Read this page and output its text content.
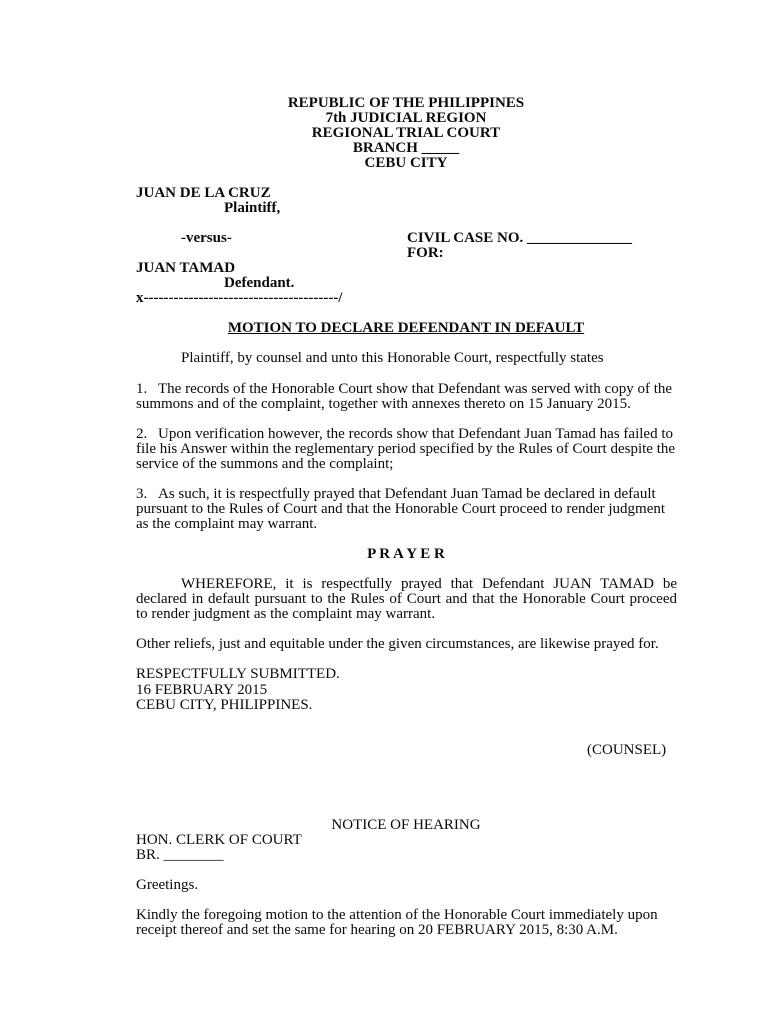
REPUBLIC OF THE PHILIPPINES
7th JUDICIAL REGION
REGIONAL TRIAL COURT
BRANCH _____
CEBU CITY
JUAN DE LA CRUZ
Plaintiff,
-versus-	CIVIL CASE NO. ______________
FOR:
JUAN TAMAD
Defendant.
x---------------------------------------/
MOTION TO DECLARE DEFENDANT IN DEFAULT
Plaintiff, by counsel and unto this Honorable Court, respectfully states
1. The records of the Honorable Court show that Defendant was served with copy of the
summons and of the complaint, together with annexes thereto on 15 January 2015.
2. Upon verification however, the records show that Defendant Juan Tamad has failed to
file his Answer within the reglementary period specified by the Rules of Court despite the
service of the summons and the complaint;
3. As such, it is respectfully prayed that Defendant Juan Tamad be declared in default
pursuant to the Rules of Court and that the Honorable Court proceed to render judgment
as the complaint may warrant.
P R A Y E R
WHEREFORE, it is respectfully prayed that Defendant JUAN TAMAD be
declared in default pursuant to the Rules of Court and that the Honorable Court proceed
to render judgment as the complaint may warrant.
Other reliefs, just and equitable under the given circumstances, are likewise prayed for.
RESPECTFULLY SUBMITTED.
16 FEBRUARY 2015
CEBU CITY, PHILIPPINES.
(COUNSEL)
NOTICE OF HEARING
HON. CLERK OF COURT
BR. ________
Greetings.
Kindly the foregoing motion to the attention of the Honorable Court immediately upon
receipt thereof and set the same for hearing on 20 FEBRUARY 2015, 8:30 A.M.
